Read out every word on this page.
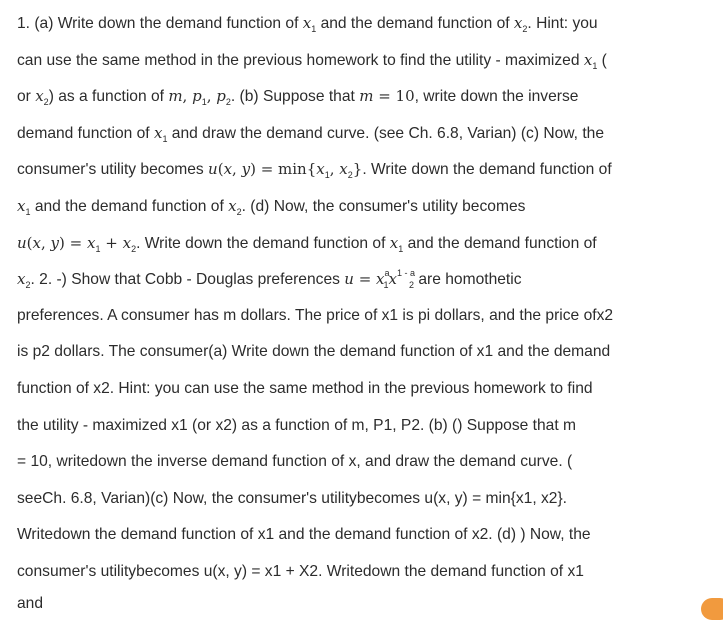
1. (a) Write down the demand function of $x_1$ and the demand function of $x_2$. Hint: you
can use the same method in the previous homework to find the utility - maximized $x_1$ (
or $x_2$) as a function of m, $p_1$, $p_2$. (b) Suppose that m = 10, write down the inverse
demand function of $x_1$ and draw the demand curve. (see Ch. 6.8, Varian) (c) Now, the
consumer's utility becomes u(x, $y) = \min\{x_1$, $x_2$}. Write down the demand function of
$x_1$ and the demand function of $x_2$. (d) Now, the consumer's utility becomes
u(x, $y) = x_1 + x_2$. Write down the demand function of $x_1$ and the demand function of
$x_2$. 2. -) Show that Cobb - Douglas preferences $u = x^a_1x^{1 - a}_2$ are homothetic
preferences. A consumer has m dollars. The price of x1 is pi dollars, and the price ofx2
is p2 dollars. The consumer(a) Write down the demand function of x1 and the demand
function of x2. Hint: you can use the same method in the previous homework to find
the utility - maximized x1 (or x2) as a function of m, P1, P2. (b) () Suppose that m
= 10, writedown the inverse demand function of x, and draw the demand curve. (
seeCh. 6.8, Varian)(c) Now, the consumer's utilitybecomes u(x, y) = min{x1, x2}.
Writedown the demand function of x1 and the demand function of x2. (d) ) Now, the
consumer's utilitybecomes u(x, y) = x1 + X2. Writedown the demand function of x1
and
